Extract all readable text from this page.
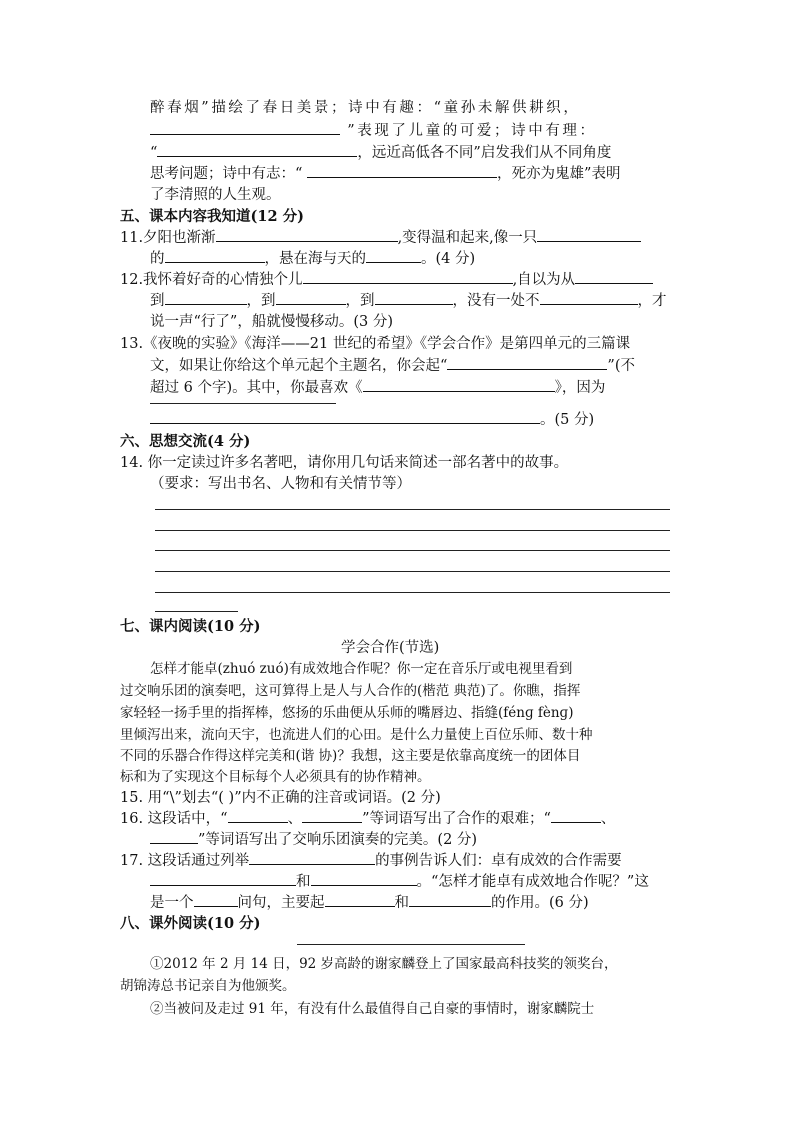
醉春烟”描绘了春日美景；诗中有趣：“童孙未解供耕织，
”表现了儿童的可爱；诗中有理：
“	，远近高低各不同”启发我们从不同角度
思考问题；诗中有志：“	，死亦为鬼雄”表明
了李清照的人生观。
五、课本内容我知道(12 分)
11.夕阳也渐渐	,变得温和起来,像一只
的	，悬在海与天的	。(4 分)
12.我怀着好奇的心情独个儿	,自以为从
到	，到	，到	，没有一处不	，才
说一声“行了”，船就慢慢移动。(3 分)
13.《夜晚的实验》《海洋——21 世纪的希望》《学会合作》是第四单元的三篇课
文，如果让你给这个单元起个主题名，你会起“	”(不
超过 6 个字)。其中，你最喜欢《	》，因为
。(5 分)
六、思想交流(4 分)
14. 你一定读过许多名著吧，请你用几句话来简述一部名著中的故事。
（要求：写出书名、人物和有关情节等）
七、课内阅读(10 分)
学会合作(节选)
怎样才能卓(zhuó zuó)有成效地合作呢？你一定在音乐厅或电视里看到
过交响乐团的演奏吧，这可算得上是人与人合作的(楷范 典范)了。你瞧，指挥
家轻轻一扬手里的指挥棒，悠扬的乐曲便从乐师的嘴唇边、指缝(fénɡ fènɡ)
里倾泻出来，流向天宇，也流进人们的心田。是什么力量使上百位乐师、数十种
不同的乐器合作得这样完美和(谐 协)？我想，这主要是依靠高度统一的团体目
标和为了实现这个目标每个人必须具有的协作精神。
15. 用“\”划去“( )”内不正确的注音或词语。(2 分)
16. 这段话中，“	、	”等词语写出了合作的艰难；“	、
”等词语写出了交响乐团演奏的完美。(2 分)
17. 这段话通过列举	的事例告诉人们：卓有成效的合作需要
和	。“怎样才能卓有成效地合作呢？”这
是一个	问句，主要起	和	的作用。(6 分)
八、课外阅读(10 分)
①2012 年 2 月 14 日，92 岁高龄的谢家麟登上了国家最高科技奖的领奖台，
胡锦涛总书记亲自为他颁奖。
②当被问及走过 91 年，有没有什么最值得自己自豪的事情时，谢家麟院士
